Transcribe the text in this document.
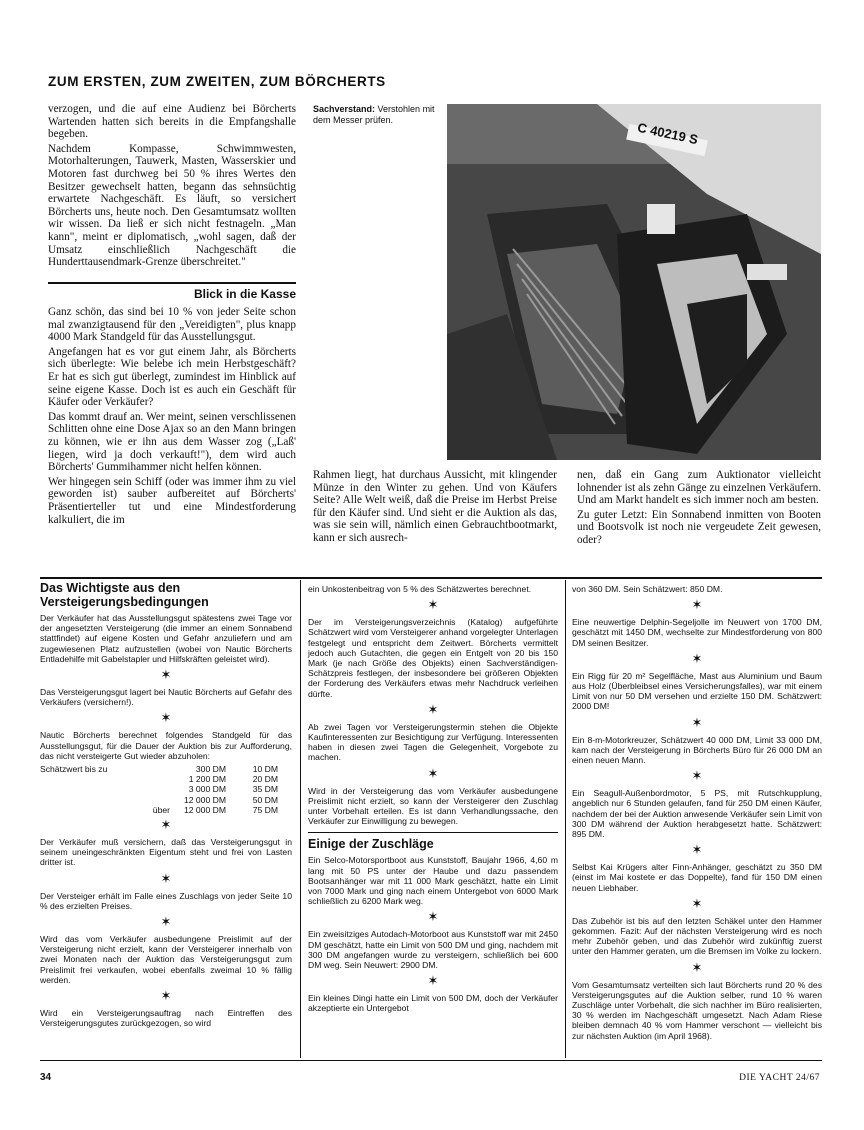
ZUM ERSTEN, ZUM ZWEITEN, ZUM BÖRCHERTS

verzogen, und die auf eine Audienz bei Börcherts Wartenden hatten sich bereits in die Empfangshalle begeben.

Nachdem Kompasse, Schwimmwesten, Motorhalterungen, Tauwerk, Masten, Wasserskier und Motoren fast durchweg bei 50 % ihres Wertes den Besitzer gewechselt hatten, begann das sehnsüchtig erwartete Nachgeschäft. Es läuft, so versichert Börcherts uns, heute noch. Den Gesamtumsatz wollten wir wissen. Da ließ er sich nicht festnageln. „Man kann", meint er diplomatisch, „wohl sagen, daß der Umsatz einschließlich Nachgeschäft die Hunderttausendmark-Grenze überschreitet."

Blick in die Kasse

Ganz schön, das sind bei 10 % von jeder Seite schon mal zwanzigtausend für den „Vereidigten", plus knapp 4000 Mark Standgeld für das Ausstellungsgut.

Angefangen hat es vor gut einem Jahr, als Börcherts sich überlegte: Wie belebe ich mein Herbstgeschäft? Er hat es sich gut überlegt, zumindest im Hinblick auf seine eigene Kasse. Doch ist es auch ein Geschäft für Käufer oder Verkäufer?

Das kommt drauf an. Wer meint, seinen verschlissenen Schlitten ohne eine Dose Ajax so an den Mann bringen zu können, wie er ihn aus dem Wasser zog („Laß' liegen, wird ja doch verkauft!"), dem wird auch Börcherts' Gummihammer nicht helfen können.

Wer hingegen sein Schiff (oder was immer ihm zu viel geworden ist) sauber aufbereitet auf Börcherts' Präsentierteller tut und eine Mindestforderung kalkuliert, die im

Sachverstand: Verstohlen mit dem Messer prüfen.	C 40219 S

Rahmen liegt, hat durchaus Aussicht, mit klingender Münze in den Winter zu gehen. Und von Käufers Seite? Alle Welt weiß, daß die Preise im Herbst Preise für den Käufer sind. Und sieht er die Auktion als das, was sie sein will, nämlich einen Gebrauchtbootmarkt, kann er sich ausrech-

nen, daß ein Gang zum Auktionator vielleicht lohnender ist als zehn Gänge zu einzelnen Verkäufern. Und am Markt handelt es sich immer noch am besten.

Zu guter Letzt: Ein Sonnabend inmitten von Booten und Bootsvolk ist noch nie vergeudete Zeit gewesen, oder?

Das Wichtigste aus den Versteigerungsbedingungen

Der Verkäufer hat das Ausstellungsgut spätestens zwei Tage vor der angesetzten Versteigerung (die immer an einem Sonnabend stattfindet) auf eigene Kosten und Gefahr anzuliefern und am zugewiesenen Platz aufzustellen (wobei von Nautic Börcherts Entladehilfe mit Gabelstapler und Hilfskräften geleistet wird).

✶

Das Versteigerungsgut lagert bei Nautic Börcherts auf Gefahr des Verkäufers (versichern!).

✶

Nautic Börcherts berechnet folgendes Standgeld für das Ausstellungsgut, für die Dauer der Auktion bis zur Aufforderung, das nicht versteigerte Gut wieder abzuholen:

Schätzwert bis zu		300 DM	10 DM
		1 200 DM	20 DM
		3 000 DM	35 DM
		12 000 DM	50 DM
	über	12 000 DM	75 DM
✶

Der Verkäufer muß versichern, daß das Versteigerungsgut in seinem uneingeschränkten Eigentum steht und frei von Lasten dritter ist.

✶

Der Versteiger erhält im Falle eines Zuschlags von jeder Seite 10 % des erzielten Preises.

✶

Wird das vom Verkäufer ausbedungene Preislimit auf der Versteigerung nicht erzielt, kann der Versteigerer innerhalb von zwei Monaten nach der Auktion das Versteigerungsgut zum Preislimit frei verkaufen, wobei ebenfalls zweimal 10 % fällig werden.

✶

Wird ein Versteigerungsauftrag nach Eintreffen des Versteigerungsgutes zurückgezogen, so wird

ein Unkostenbeitrag von 5 % des Schätzwertes berechnet.

✶

Der im Versteigerungsverzeichnis (Katalog) aufgeführte Schätzwert wird vom Versteigerer anhand vorgelegter Unterlagen festgelegt und entspricht dem Zeitwert. Börcherts vermittelt jedoch auch Gutachten, die gegen ein Entgelt von 20 bis 150 Mark (je nach Größe des Objekts) einen Sachverständigen-Schätzpreis festlegen, der insbesondere bei größeren Objekten der Forderung des Verkäufers etwas mehr Nachdruck verleihen dürfte.

✶

Ab zwei Tagen vor Versteigerungstermin stehen die Objekte Kaufinteressenten zur Besichtigung zur Verfügung. Interessenten haben in diesen zwei Tagen die Gelegenheit, Vorgebote zu machen.

✶

Wird in der Versteigerung das vom Verkäufer ausbedungene Preislimit nicht erzielt, so kann der Versteigerer den Zuschlag unter Vorbehalt erteilen. Es ist dann Verhandlungssache, den Verkäufer zur Einwilligung zu bewegen.

Einige der Zuschläge

Ein Selco-Motorsportboot aus Kunststoff, Baujahr 1966, 4,60 m lang mit 50 PS unter der Haube und dazu passendem Bootsanhänger war mit 11 000 Mark geschätzt, hatte ein Limit von 7000 Mark und ging nach einem Untergebot von 6000 Mark schließlich zu 6200 Mark weg.

✶

Ein zweisitziges Autodach-Motorboot aus Kunststoff war mit 2450 DM geschätzt, hatte ein Limit von 500 DM und ging, nachdem mit 300 DM angefangen wurde zu versteigern, schließlich bei 600 DM weg. Sein Neuwert: 2900 DM.

✶

Ein kleines Dingi hatte ein Limit von 500 DM, doch der Verkäufer akzeptierte ein Untergebot

von 360 DM. Sein Schätzwert: 850 DM.

✶

Eine neuwertige Delphin-Segeljolle im Neuwert von 1700 DM, geschätzt mit 1450 DM, wechselte zur Mindestforderung von 800 DM seinen Besitzer.

✶

Ein Rigg für 20 m² Segelfläche, Mast aus Aluminium und Baum aus Holz (Überbleibsel eines Versicherungsfalles), war mit einem Limit von nur 50 DM versehen und erzielte 150 DM. Schätzwert: 2000 DM!

✶

Ein 8-m-Motorkreuzer, Schätzwert 40 000 DM, Limit 33 000 DM, kam nach der Versteigerung in Börcherts Büro für 26 000 DM an einen neuen Mann.

✶

Ein Seagull-Außenbordmotor, 5 PS, mit Rutschkupplung, angeblich nur 6 Stunden gelaufen, fand für 250 DM einen Käufer, nachdem der bei der Auktion anwesende Verkäufer sein Limit von 300 DM während der Auktion herabgesetzt hatte. Schätzwert: 895 DM.

✶

Selbst Kai Krügers alter Finn-Anhänger, geschätzt zu 350 DM (einst im Mai kostete er das Doppelte), fand für 150 DM einen neuen Liebhaber.

✶

Das Zubehör ist bis auf den letzten Schäkel unter den Hammer gekommen. Fazit: Auf der nächsten Versteigerung wird es noch mehr Zubehör geben, und das Zubehör wird zukünftig zuerst unter den Hammer geraten, um die Bremsen im Volke zu lockern.

✶

Vom Gesamtumsatz verteilten sich laut Börcherts rund 20 % des Versteigerungsgutes auf die Auktion selber, rund 10 % waren Zuschläge unter Vorbehalt, die sich nachher im Büro realisierten, 30 % werden im Nachgeschäft umgesetzt. Nach Adam Riese bleiben demnach 40 % vom Hammer verschont — vielleicht bis zur nächsten Auktion (im April 1968).

34	DIE YACHT 24/67
